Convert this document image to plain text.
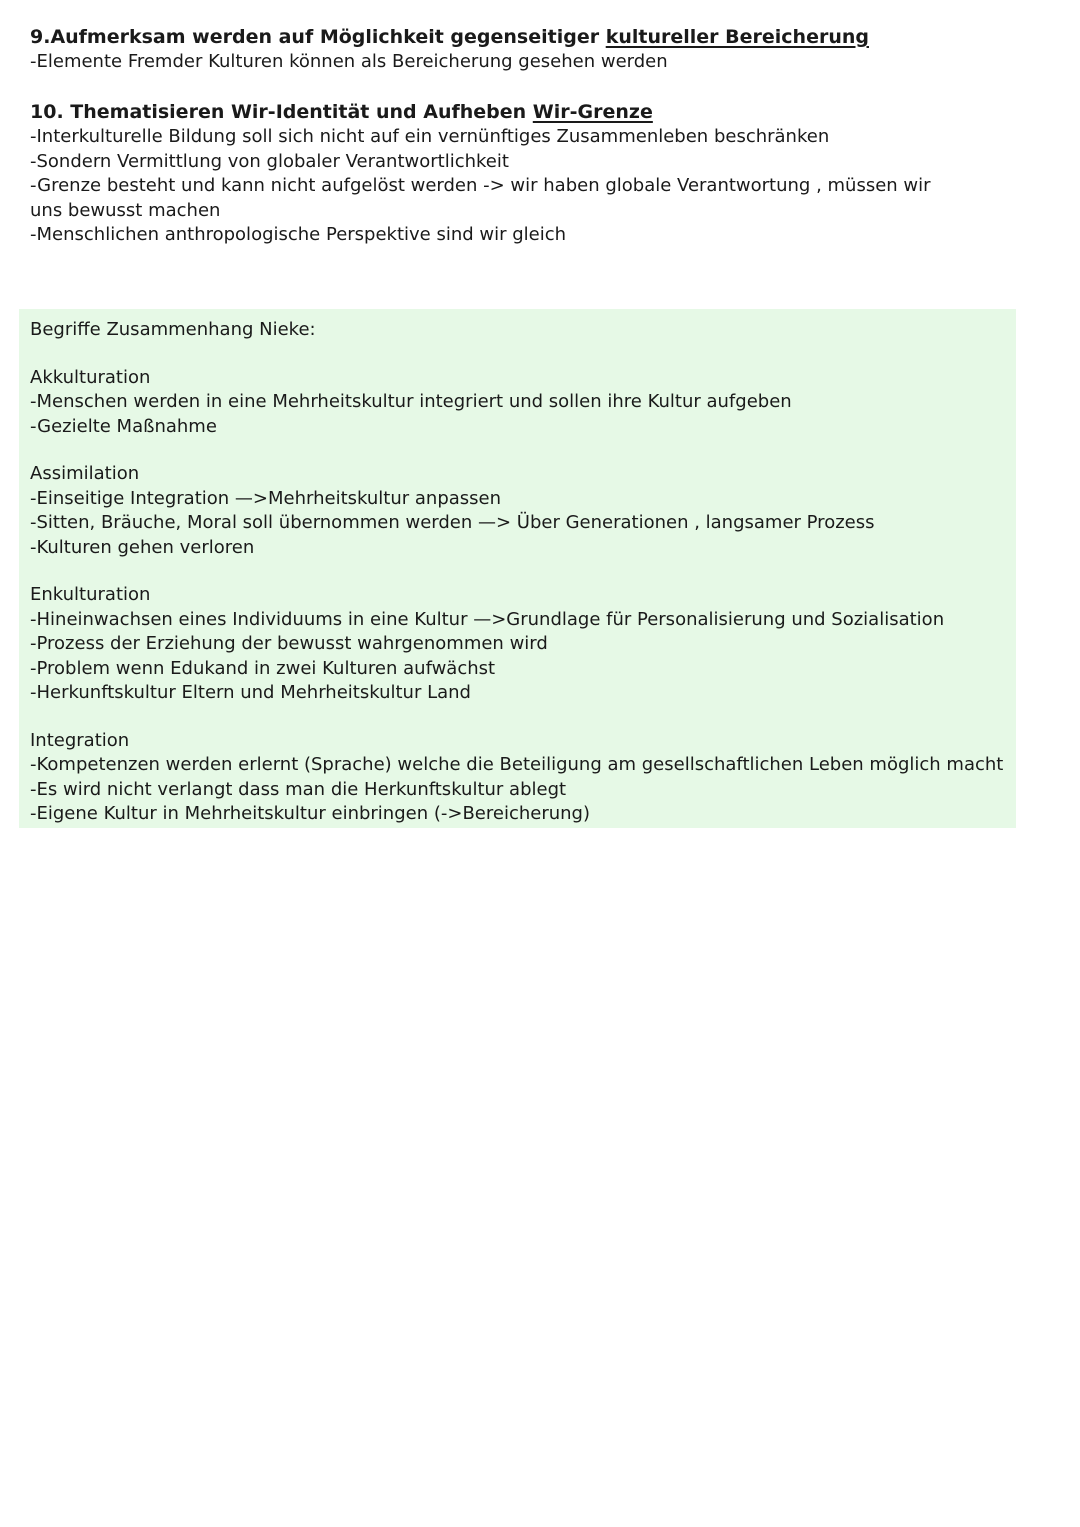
9.Aufmerksam werden auf Möglichkeit gegenseitiger kultureller Bereicherung
-Elemente Fremder Kulturen können als Bereicherung gesehen werden
10. Thematisieren Wir-Identität und Aufheben Wir-Grenze
-Interkulturelle Bildung soll sich nicht auf ein vernünftiges Zusammenleben beschränken
-Sondern Vermittlung von globaler Verantwortlichkeit
-Grenze besteht und kann nicht aufgelöst werden -> wir haben globale Verantwortung , müssen wir uns bewusst machen
-Menschlichen anthropologische Perspektive sind wir gleich
Begriffe Zusammenhang Nieke:
Akkulturation
-Menschen werden in eine Mehrheitskultur integriert und sollen ihre Kultur aufgeben
-Gezielte Maßnahme
Assimilation
-Einseitige Integration —>Mehrheitskultur anpassen
-Sitten, Bräuche, Moral soll übernommen werden —> Über Generationen , langsamer Prozess
-Kulturen gehen verloren
Enkulturation
-Hineinwachsen eines Individuums in eine Kultur —>Grundlage für Personalisierung und Sozialisation
-Prozess der Erziehung der bewusst wahrgenommen wird
-Problem wenn Edukand in zwei Kulturen aufwächst
-Herkunftskultur Eltern und Mehrheitskultur Land
Integration
-Kompetenzen werden erlernt (Sprache) welche die Beteiligung am gesellschaftlichen Leben möglich macht
-Es wird nicht verlangt dass man die Herkunftskultur ablegt
-Eigene Kultur in Mehrheitskultur einbringen (->Bereicherung)
